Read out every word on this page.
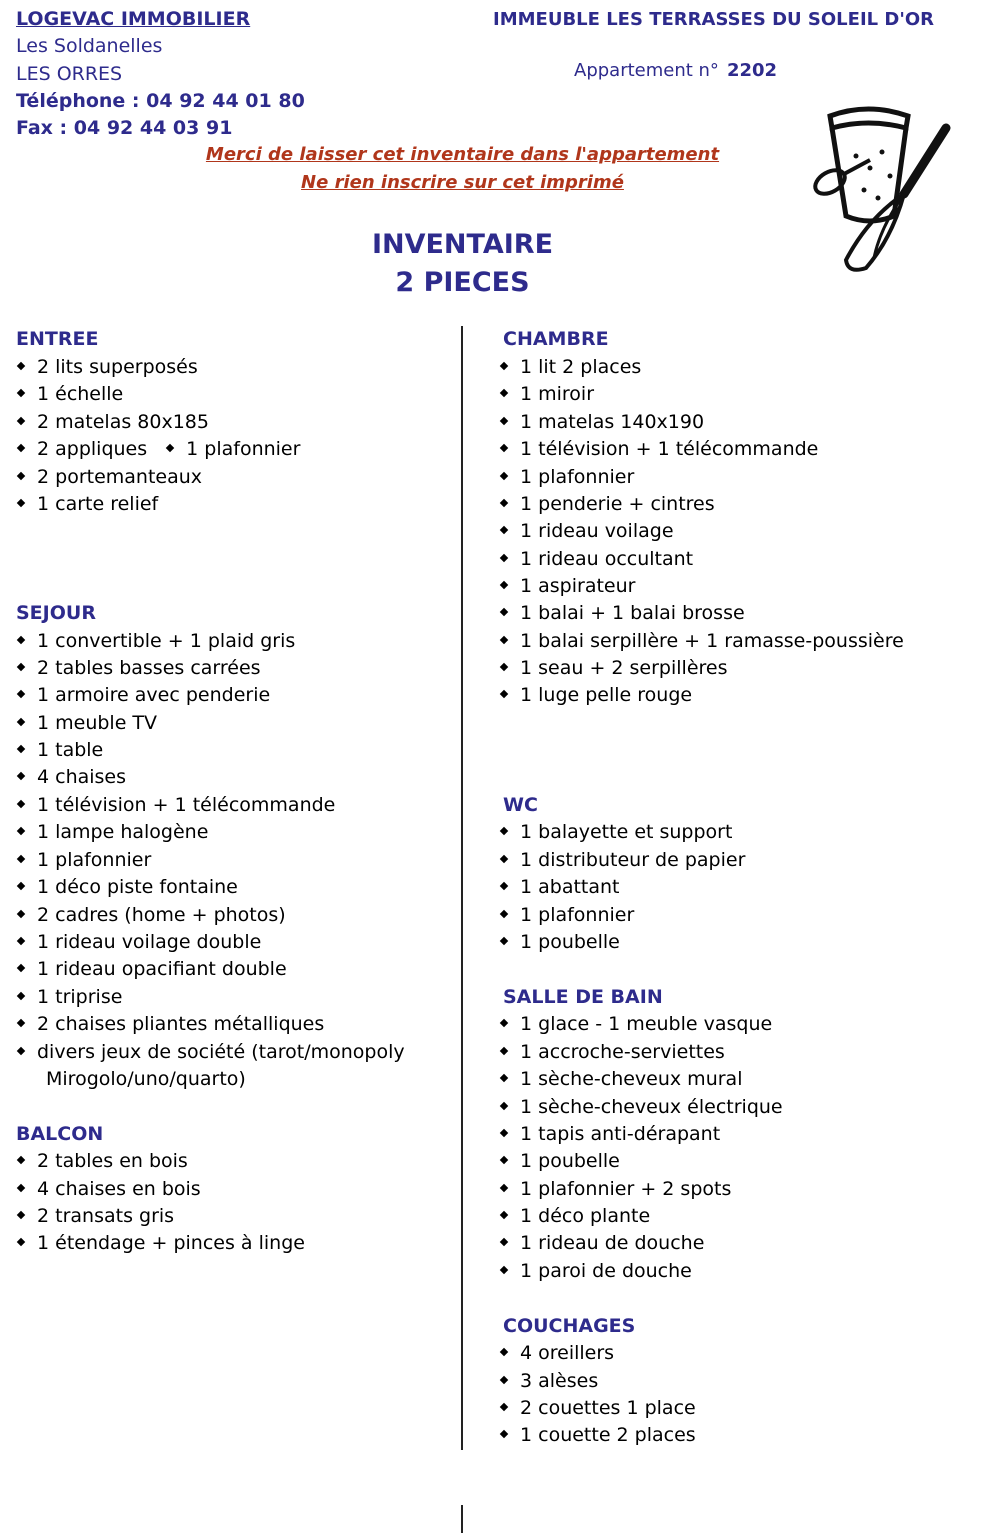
LOGEVAC IMMOBILIER
Les Soldanelles
LES ORRES
Téléphone : 04 92 44 01 80
Fax : 04 92 44 03 91
IMMEUBLE LES TERRASSES DU SOLEIL D'OR
Appartement n° 2202
Merci de laisser cet inventaire dans l'appartement
Ne rien inscrire sur cet imprimé
INVENTAIRE
2 PIECES
ENTREE
2 lits superposés
1 échelle
2 matelas 80x185
2 appliques 1 plafonnier
2 portemanteaux
1 carte relief
SEJOUR
1 convertible + 1 plaid gris
2 tables basses carrées
1 armoire avec penderie
1 meuble TV
1 table
4 chaises
1 télévision + 1 télécommande
1 lampe halogène
1 plafonnier
1 déco piste fontaine
2 cadres (home + photos)
1 rideau voilage double
1 rideau opacifiant double
1 triprise
2 chaises pliantes métalliques
divers jeux de société (tarot/monopoly
Mirogolo/uno/quarto)
BALCON
2 tables en bois
4 chaises en bois
2 transats gris
1 étendage + pinces à linge
CHAMBRE
1 lit 2 places
1 miroir
1 matelas 140x190
1 télévision + 1 télécommande
1 plafonnier
1 penderie + cintres
1 rideau voilage
1 rideau occultant
1 aspirateur
1 balai + 1 balai brosse
1 balai serpillère + 1 ramasse-poussière
1 seau + 2 serpillères
1 luge pelle rouge
WC
1 balayette et support
1 distributeur de papier
1 abattant
1 plafonnier
1 poubelle
SALLE DE BAIN
1 glace - 1 meuble vasque
1 accroche-serviettes
1 sèche-cheveux mural
1 sèche-cheveux électrique
1 tapis anti-dérapant
1 poubelle
1 plafonnier + 2 spots
1 déco plante
1 rideau de douche
1 paroi de douche
COUCHAGES
4 oreillers
3 alèses
2 couettes 1 place
1 couette 2 places
